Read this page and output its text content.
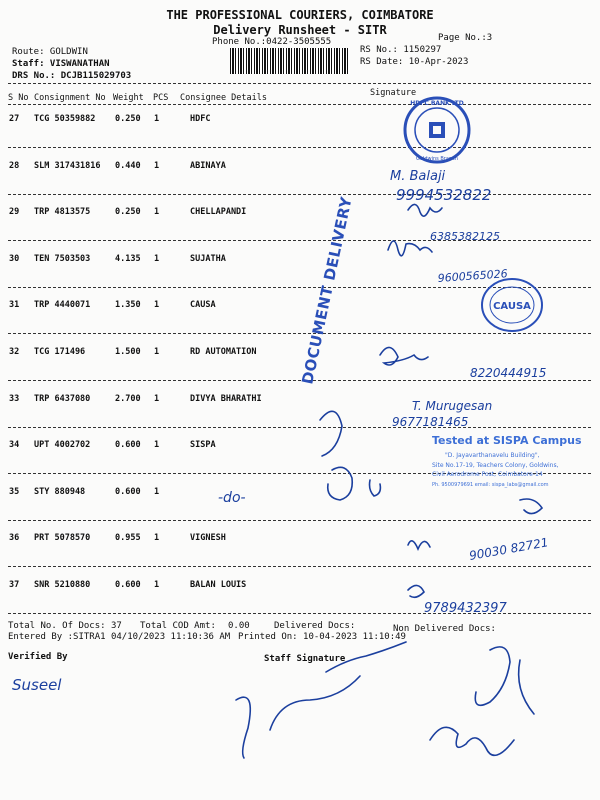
THE PROFESSIONAL COURIERS, COIMBATORE
Delivery Runsheet - SITR
Phone No.:0422-3505555	Page No.:3
Route: GOLDWIN
Staff: VISWANATHAN
DRS No.: DCJB115029703
RS No.: 1150297
RS Date: 10-Apr-2023
S No Consignment No Weight PCS Consignee Details	Signature
27 TCG 50359882 0.250 1	HDFC
28 SLM 317431816 0.440 1	ABINAYA
29 TRP 4813575	0.250 1	CHELLAPANDI
30 TEN 7503503	4.135 1	SUJATHA
31 TRP 4440071	1.350 1	CAUSA
32 TCG 171496	1.500 1	RD AUTOMATION
33 TRP 6437080	2.700 1	DIVYA BHARATHI
34 UPT 4002702	0.600 1	SISPA
35 STY 880948	0.600 1
36 PRT 5078570	0.955 1	VIGNESH
37 SNR 5210880	0.600 1	BALAN LOUIS
Total No. Of Docs: 37 Total COD Amt: 0.00	Delivered Docs:	Non Delivered Docs:
Entered By :SITRA1 04/10/2023 11:10:36 AM Printed On: 10-04-2023 11:10:49
Verified By	Staff Signature
HDFC BANK LTD
Goldwins Branch
DOCUMENT DELIVERY	CAUSA
Tested at SISPA Campus
"D. Jayavarthanavelu Building",
Site No.17-19, Teachers Colony, Goldwins,
Civil Aerodrome Post, Coimbatore-14
Ph. 9500979691 email: sispa_labs@gmail.com
M. Balaji
9994532822
6385382125
9600565026
8220444915
T. Murugesan
9677181465
-do-
90030 82721
9789432397
Suseel
